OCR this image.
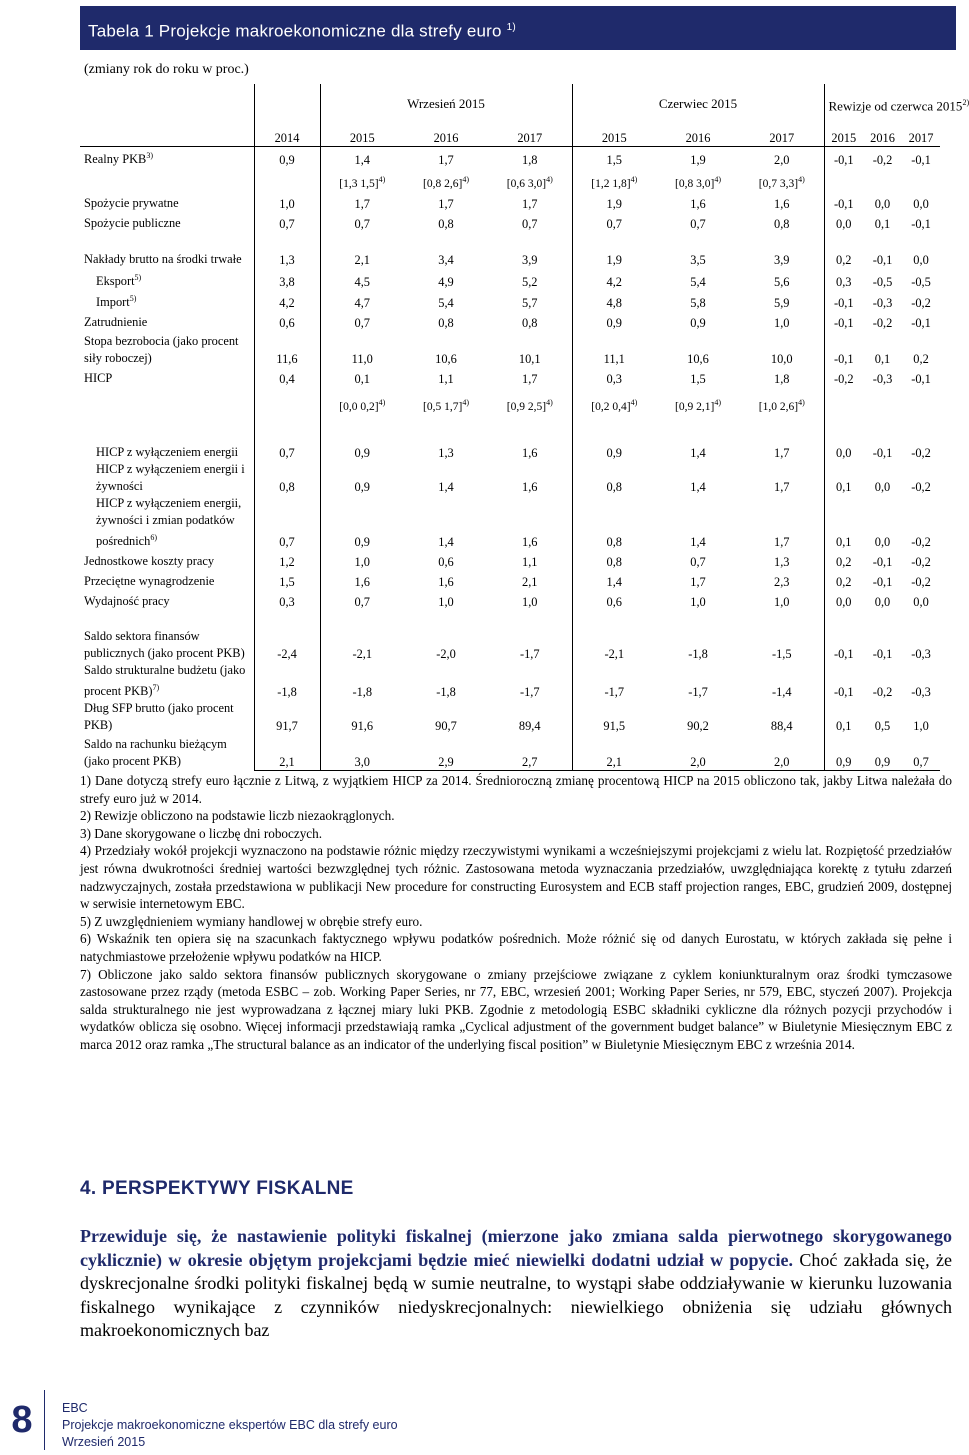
Tabela 1 Projekcje makroekonomiczne dla strefy euro $^{1)}$
(zmiany rok do roku w proc.)
		Wrzesień 2015			Czerwiec 2015			Rewizje od czerwca 2015$^{2)}$
	2014	2015	2016	2017	2015	2016	2017	2015	2016	2017
Realny PKB$^{3)}$	0,9	1,4	1,7	1,8	1,5	1,9	2,0	-0,1	-0,2	-0,1
		[1,3 1,5]$^{4)}$	[0,8 2,6]$^{4)}$	[0,6 3,0]$^{4)}$	[1,2 1,8]$^{4)}$	[0,8 3,0]$^{4)}$	[0,7 3,3]$^{4)}$			
Spożycie prywatne	1,0	1,7	1,7	1,7	1,9	1,6	1,6	-0,1	0,0	0,0
Spożycie publiczne	0,7	0,7	0,8	0,7	0,7	0,7	0,8	0,0	0,1	-0,1
Nakłady brutto na środki trwałe	1,3	2,1	3,4	3,9	1,9	3,5	3,9	0,2	-0,1	0,0
Eksport$^{5)}$	3,8	4,5	4,9	5,2	4,2	5,4	5,6	0,3	-0,5	-0,5
Import$^{5)}$	4,2	4,7	5,4	5,7	4,8	5,8	5,9	-0,1	-0,3	-0,2
Zatrudnienie	0,6	0,7	0,8	0,8	0,9	0,9	1,0	-0,1	-0,2	-0,1
Stopa bezrobocia (jako procent siły roboczej)	11,6	11,0	10,6	10,1	11,1	10,6	10,0	-0,1	0,1	0,2
HICP	0,4	0,1	1,1	1,7	0,3	1,5	1,8	-0,2	-0,3	-0,1
		[0,0 0,2]$^{4)}$	[0,5 1,7]$^{4)}$	[0,9 2,5]$^{4)}$	[0,2 0,4]$^{4)}$	[0,9 2,1]$^{4)}$	[1,0 2,6]$^{4)}$			
HICP z wyłączeniem energii	0,7	0,9	1,3	1,6	0,9	1,4	1,7	0,0	-0,1	-0,2
HICP z wyłączeniem energii i żywności	0,8	0,9	1,4	1,6	0,8	1,4	1,7	0,1	0,0	-0,2
HICP z wyłączeniem energii, żywności i zmian podatków pośrednich$^{6)}$	0,7	0,9	1,4	1,6	0,8	1,4	1,7	0,1	0,0	-0,2
Jednostkowe koszty pracy	1,2	1,0	0,6	1,1	0,8	0,7	1,3	0,2	-0,1	-0,2
Przeciętne wynagrodzenie	1,5	1,6	1,6	2,1	1,4	1,7	2,3	0,2	-0,1	-0,2
Wydajność pracy	0,3	0,7	1,0	1,0	0,6	1,0	1,0	0,0	0,0	0,0
Saldo sektora finansów publicznych (jako procent PKB)	-2,4	-2,1	-2,0	-1,7	-2,1	-1,8	-1,5	-0,1	-0,1	-0,3
Saldo strukturalne budżetu (jako procent PKB)$^{7)}$	-1,8	-1,8	-1,8	-1,7	-1,7	-1,7	-1,4	-0,1	-0,2	-0,3
Dług SFP brutto (jako procent PKB)	91,7	91,6	90,7	89,4	91,5	90,2	88,4	0,1	0,5	1,0
Saldo na rachunku bieżącym (jako procent PKB)	2,1	3,0	2,9	2,7	2,1	2,0	2,0	0,9	0,9	0,7

1) Dane dotyczą strefy euro łącznie z Litwą, z wyjątkiem HICP za 2014. Średnioroczną zmianę procentową HICP na 2015 obliczono tak, jakby Litwa należała do strefy euro już w 2014.

2) Rewizje obliczono na podstawie liczb niezaokrąglonych.

3) Dane skorygowane o liczbę dni roboczych.

4) Przedziały wokół projekcji wyznaczono na podstawie różnic między rzeczywistymi wynikami a wcześniejszymi projekcjami z wielu lat. Rozpiętość przedziałów jest równa dwukrotności średniej wartości bezwzględnej tych różnic. Zastosowana metoda wyznaczania przedziałów, uwzględniająca korektę z tytułu zdarzeń nadzwyczajnych, została przedstawiona w publikacji New procedure for constructing Eurosystem and ECB staff projection ranges, EBC, grudzień 2009, dostępnej w serwisie internetowym EBC.

5) Z uwzględnieniem wymiany handlowej w obrębie strefy euro.

6) Wskaźnik ten opiera się na szacunkach faktycznego wpływu podatków pośrednich. Może różnić się od danych Eurostatu, w których zakłada się pełne i natychmiastowe przełożenie wpływu podatków na HICP.

7) Obliczone jako saldo sektora finansów publicznych skorygowane o zmiany przejściowe związane z cyklem koniunkturalnym oraz środki tymczasowe zastosowane przez rządy (metoda ESBC – zob. Working Paper Series, nr 77, EBC, wrzesień 2001; Working Paper Series, nr 579, EBC, styczeń 2007). Projekcja salda strukturalnego nie jest wyprowadzana z łącznej miary luki PKB. Zgodnie z metodologią ESBC składniki cykliczne dla różnych pozycji przychodów i wydatków oblicza się osobno. Więcej informacji przedstawiają ramka „Cyclical adjustment of the government budget balance” w Biuletynie Miesięcznym EBC z marca 2012 oraz ramka „The structural balance as an indicator of the underlying fiscal position” w Biuletynie Miesięcznym EBC z września 2014.

4. PERSPEKTYWY FISKALNE
Przewiduje się, że nastawienie polityki fiskalnej (mierzone jako zmiana salda pierwotnego skorygowanego cyklicznie) w okresie objętym projekcjami będzie mieć niewielki dodatni udział w popycie. Choć zakłada się, że dyskrecjonalne środki polityki fiskalnej będą w sumie neutralne, to wystąpi słabe oddziaływanie w kierunku luzowania fiskalnego wynikające z czynników niedyskrecjonalnych: niewielkiego obniżenia się udziału głównych makroekonomicznych baz
8	EBC
Projekcje makroekonomiczne ekspertów EBC dla strefy euro
Wrzesień 2015
